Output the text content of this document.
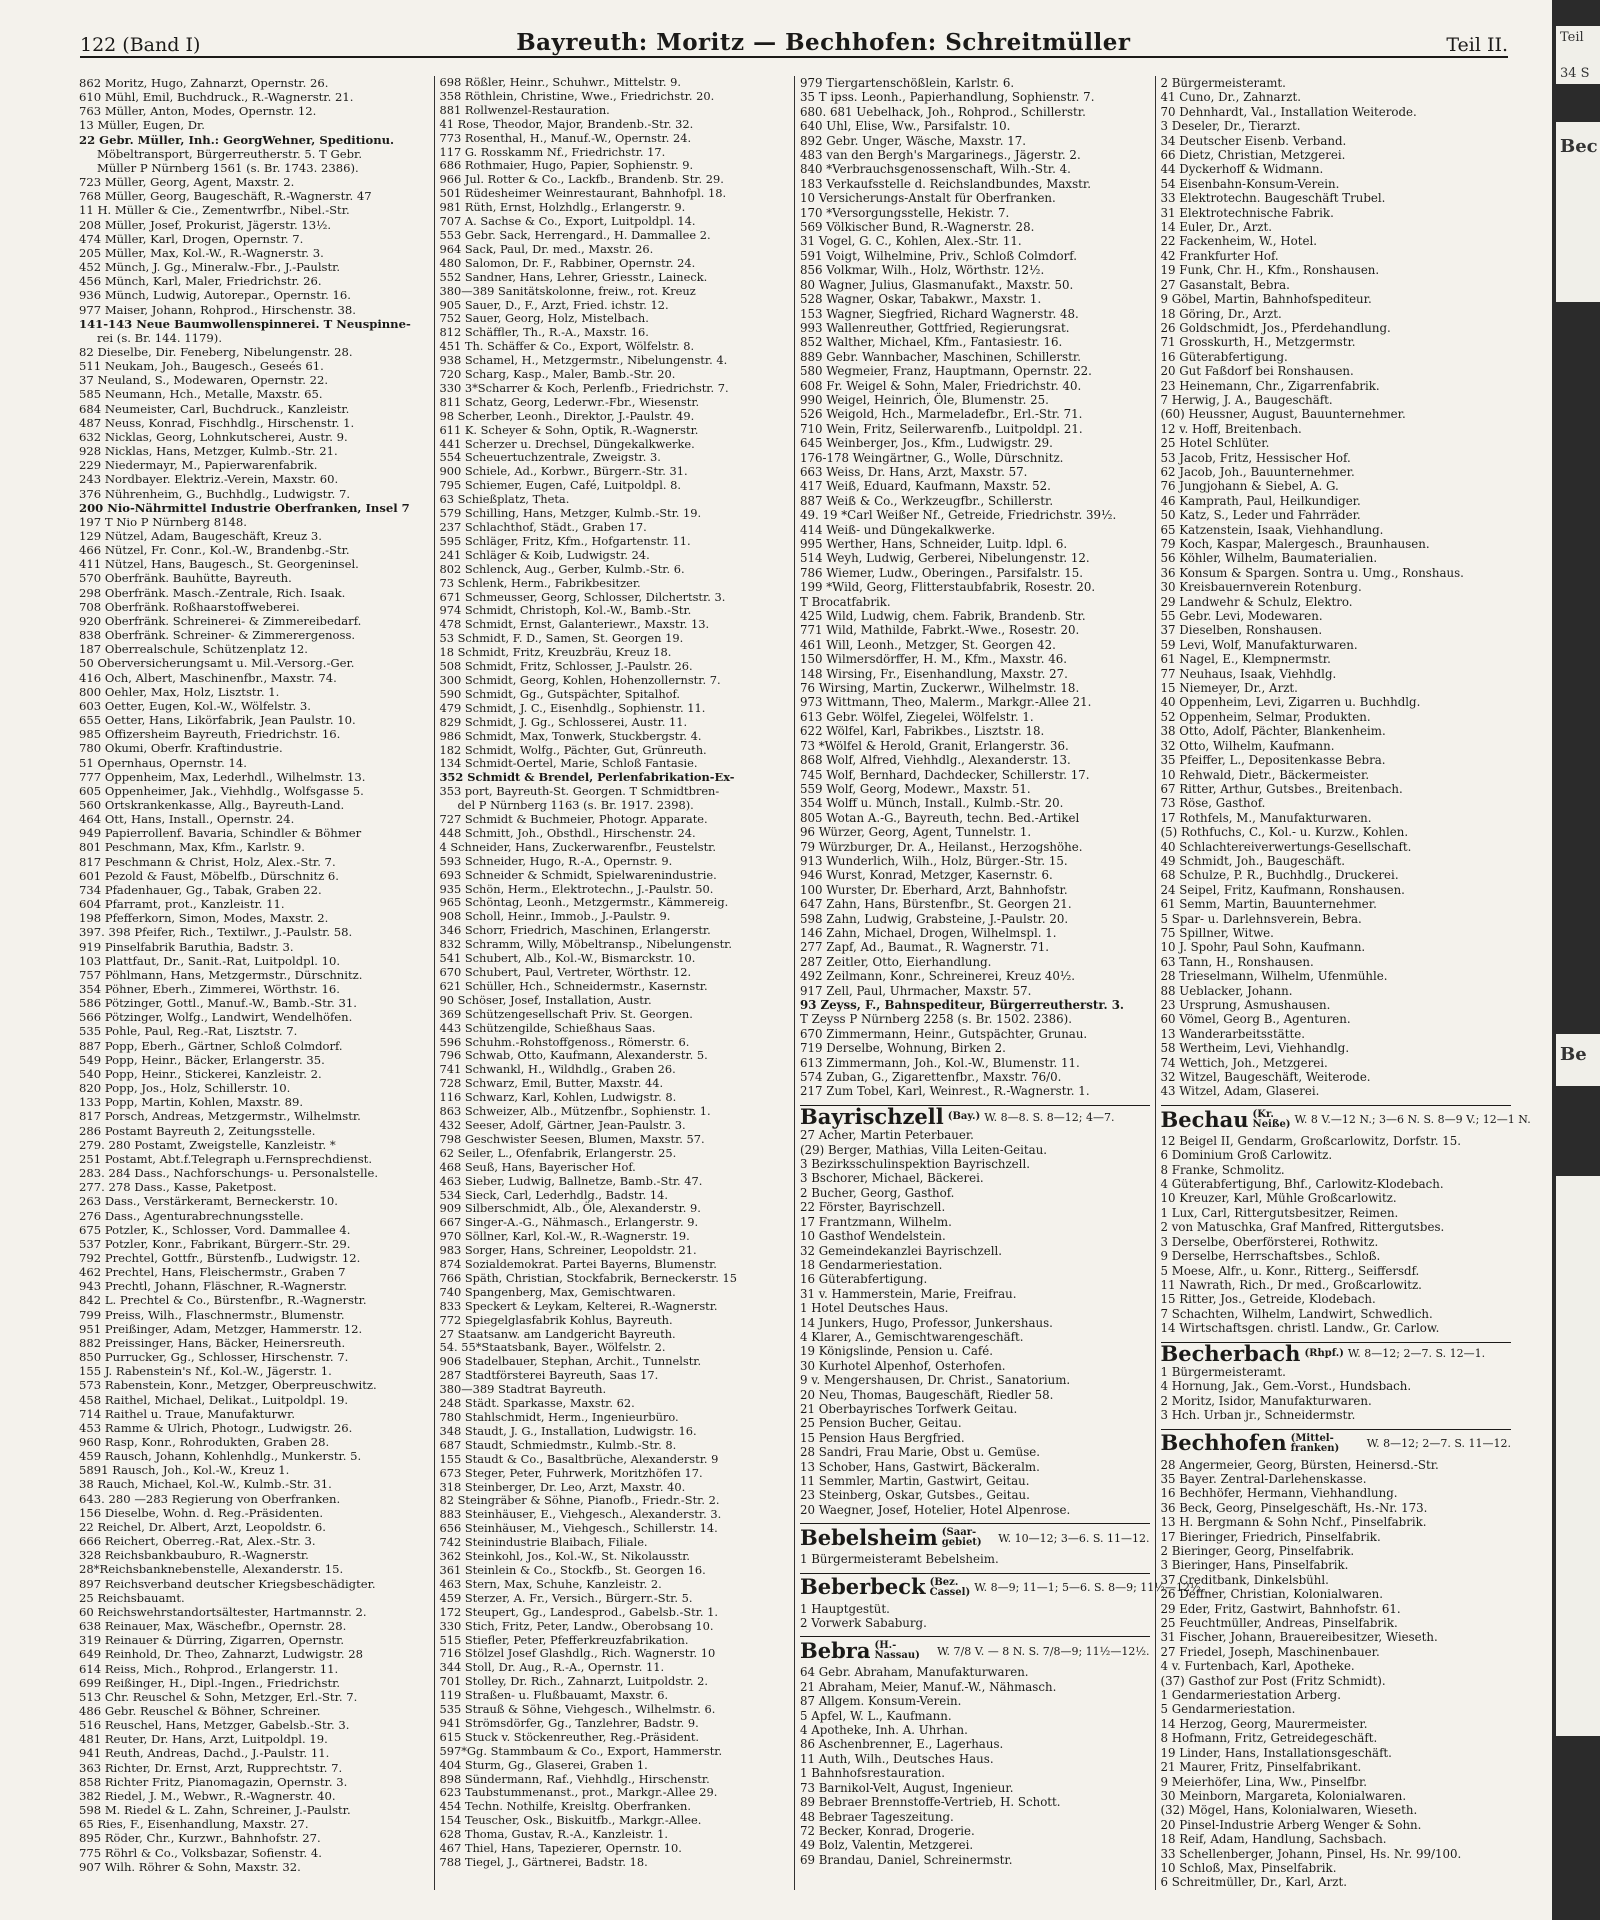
122 (Band I)	Bayreuth: Moritz — Bechhofen: Schreitmüller	Teil II.
862 Moritz, Hugo, Zahnarzt, Opernstr. 26.
610 Mühl, Emil, Buchdruck., R.-Wagnerstr. 21.
763 Müller, Anton, Modes, Opernstr. 12.
13 Müller, Eugen, Dr.
22 Gebr. Müller, Inh.: GeorgWehner, Speditionu.
Möbeltransport, Bürgerreutherstr. 5. T Gebr.
Müller P Nürnberg 1561 (s. Br. 1743. 2386).
723 Müller, Georg, Agent, Maxstr. 2.
768 Müller, Georg, Baugeschäft, R.-Wagnerstr. 47
11 H. Müller & Cie., Zementwrfbr., Nibel.-Str.
208 Müller, Josef, Prokurist, Jägerstr. 13½.
474 Müller, Karl, Drogen, Opernstr. 7.
205 Müller, Max, Kol.-W., R.-Wagnerstr. 3.
452 Münch, J. Gg., Mineralw.-Fbr., J.-Paulstr.
456 Münch, Karl, Maler, Friedrichstr. 26.
936 Münch, Ludwig, Autorepar., Opernstr. 16.
977 Maiser, Johann, Rohprod., Hirschenstr. 38.
141-143 Neue Baumwollenspinnerei. T Neuspinne-
rei (s. Br. 144. 1179).
82 Dieselbe, Dir. Feneberg, Nibelungenstr. 28.
511 Neukam, Joh., Baugesch., Geseés 61.
37 Neuland, S., Modewaren, Opernstr. 22.
585 Neumann, Hch., Metalle, Maxstr. 65.
684 Neumeister, Carl, Buchdruck., Kanzleistr.
487 Neuss, Konrad, Fischhdlg., Hirschenstr. 1.
632 Nicklas, Georg, Lohnkutscherei, Austr. 9.
928 Nicklas, Hans, Metzger, Kulmb.-Str. 21.
229 Niedermayr, M., Papierwarenfabrik.
243 Nordbayer. Elektriz.-Verein, Maxstr. 60.
376 Nührenheim, G., Buchhdlg., Ludwigstr. 7.
200 Nio-Nährmittel Industrie Oberfranken, Insel 7
197 T Nio P Nürnberg 8148.
129 Nützel, Adam, Baugeschäft, Kreuz 3.
466 Nützel, Fr. Conr., Kol.-W., Brandenbg.-Str.
411 Nützel, Hans, Baugesch., St. Georgeninsel.
570 Oberfränk. Bauhütte, Bayreuth.
298 Oberfränk. Masch.-Zentrale, Rich. Isaak.
708 Oberfränk. Roßhaarstoffweberei.
920 Oberfränk. Schreinerei- & Zimmereibedarf.
838 Oberfränk. Schreiner- & Zimmerergenoss.
187 Oberrealschule, Schützenplatz 12.
50 Oberversicherungsamt u. Mil.-Versorg.-Ger.
416 Och, Albert, Maschinenfbr., Maxstr. 74.
800 Oehler, Max, Holz, Lisztstr. 1.
603 Oetter, Eugen, Kol.-W., Wölfelstr. 3.
655 Oetter, Hans, Likörfabrik, Jean Paulstr. 10.
985 Offizersheim Bayreuth, Friedrichstr. 16.
780 Okumi, Oberfr. Kraftindustrie.
51 Opernhaus, Opernstr. 14.
777 Oppenheim, Max, Lederhdl., Wilhelmstr. 13.
605 Oppenheimer, Jak., Viehhdlg., Wolfsgasse 5.
560 Ortskrankenkasse, Allg., Bayreuth-Land.
464 Ott, Hans, Install., Opernstr. 24.
949 Papierrollenf. Bavaria, Schindler & Böhmer
801 Peschmann, Max, Kfm., Karlstr. 9.
817 Peschmann & Christ, Holz, Alex.-Str. 7.
601 Pezold & Faust, Möbelfb., Dürschnitz 6.
734 Pfadenhauer, Gg., Tabak, Graben 22.
604 Pfarramt, prot., Kanzleistr. 11.
198 Pfefferkorn, Simon, Modes, Maxstr. 2.
397. 398 Pfeifer, Rich., Textilwr., J.-Paulstr. 58.
919 Pinselfabrik Baruthia, Badstr. 3.
103 Plattfaut, Dr., Sanit.-Rat, Luitpoldpl. 10.
757 Pöhlmann, Hans, Metzgermstr., Dürschnitz.
354 Pöhner, Eberh., Zimmerei, Wörthstr. 16.
586 Pötzinger, Gottl., Manuf.-W., Bamb.-Str. 31.
566 Pötzinger, Wolfg., Landwirt, Wendelhöfen.
535 Pohle, Paul, Reg.-Rat, Lisztstr. 7.
887 Popp, Eberh., Gärtner, Schloß Colmdorf.
549 Popp, Heinr., Bäcker, Erlangerstr. 35.
540 Popp, Heinr., Stickerei, Kanzleistr. 2.
820 Popp, Jos., Holz, Schillerstr. 10.
133 Popp, Martin, Kohlen, Maxstr. 89.
817 Porsch, Andreas, Metzgermstr., Wilhelmstr.
286 Postamt Bayreuth 2, Zeitungsstelle.
279. 280 Postamt, Zweigstelle, Kanzleistr. *
251 Postamt, Abt.f.Telegraph u.Fernsprechdienst.
283. 284 Dass., Nachforschungs- u. Personalstelle.
277. 278 Dass., Kasse, Paketpost.
263 Dass., Verstärkeramt, Berneckerstr. 10.
276 Dass., Agenturabrechnungsstelle.
675 Potzler, K., Schlosser, Vord. Dammallee 4.
537 Potzler, Konr., Fabrikant, Bürgerr.-Str. 29.
792 Prechtel, Gottfr., Bürstenfb., Ludwigstr. 12.
462 Prechtel, Hans, Fleischermstr., Graben 7
943 Prechtl, Johann, Fläschner, R.-Wagnerstr.
842 L. Prechtel & Co., Bürstenfbr., R.-Wagnerstr.
799 Preiss, Wilh., Flaschnermstr., Blumenstr.
951 Preißinger, Adam, Metzger, Hammerstr. 12.
882 Preissinger, Hans, Bäcker, Heinersreuth.
850 Purrucker, Gg., Schlosser, Hirschenstr. 7.
155 J. Rabenstein's Nf., Kol.-W., Jägerstr. 1.
573 Rabenstein, Konr., Metzger, Oberpreuschwitz.
458 Raithel, Michael, Delikat., Luitpoldpl. 19.
714 Raithel u. Traue, Manufakturwr.
453 Ramme & Ulrich, Photogr., Ludwigstr. 26.
960 Rasp, Konr., Rohrodukten, Graben 28.
459 Rausch, Johann, Kohlenhdlg., Munkerstr. 5.
5891 Rausch, Joh., Kol.-W., Kreuz 1.
38 Rauch, Michael, Kol.-W., Kulmb.-Str. 31.
643. 280 —283 Regierung von Oberfranken.
156 Dieselbe, Wohn. d. Reg.-Präsidenten.
22 Reichel, Dr. Albert, Arzt, Leopoldstr. 6.
666 Reichert, Oberreg.-Rat, Alex.-Str. 3.
328 Reichsbankbauburo, R.-Wagnerstr.
28*Reichsbanknebenstelle, Alexanderstr. 15.
897 Reichsverband deutscher Kriegsbeschädigter.
25 Reichsbauamt.
60 Reichswehrstandortsältester, Hartmannstr. 2.
638 Reinauer, Max, Wäschefbr., Opernstr. 28.
319 Reinauer & Dürring, Zigarren, Opernstr.
649 Reinhold, Dr. Theo, Zahnarzt, Ludwigstr. 28
614 Reiss, Mich., Rohprod., Erlangerstr. 11.
699 Reißinger, H., Dipl.-Ingen., Friedrichstr.
513 Chr. Reuschel & Sohn, Metzger, Erl.-Str. 7.
486 Gebr. Reuschel & Böhner, Schreiner.
516 Reuschel, Hans, Metzger, Gabelsb.-Str. 3.
481 Reuter, Dr. Hans, Arzt, Luitpoldpl. 19.
941 Reuth, Andreas, Dachd., J.-Paulstr. 11.
363 Richter, Dr. Ernst, Arzt, Rupprechtstr. 7.
858 Richter Fritz, Pianomagazin, Opernstr. 3.
382 Riedel, J. M., Webwr., R.-Wagnerstr. 40.
598 M. Riedel & L. Zahn, Schreiner, J.-Paulstr.
65 Ries, F., Eisenhandlung, Maxstr. 27.
895 Röder, Chr., Kurzwr., Bahnhofstr. 27.
775 Röhrl & Co., Volksbazar, Sofienstr. 4.
907 Wilh. Röhrer & Sohn, Maxstr. 32.
698 Rößler, Heinr., Schuhwr., Mittelstr. 9.
358 Röthlein, Christine, Wwe., Friedrichstr. 20.
881 Rollwenzel-Restauration.
41 Rose, Theodor, Major, Brandenb.-Str. 32.
773 Rosenthal, H., Manuf.-W., Opernstr. 24.
117 G. Rosskamm Nf., Friedrichstr. 17.
686 Rothmaier, Hugo, Papier, Sophienstr. 9.
966 Jul. Rotter & Co., Lackfb., Brandenb. Str. 29.
501 Rüdesheimer Weinrestaurant, Bahnhofpl. 18.
981 Rüth, Ernst, Holzhdlg., Erlangerstr. 9.
707 A. Sachse & Co., Export, Luitpoldpl. 14.
553 Gebr. Sack, Herrengard., H. Dammallee 2.
964 Sack, Paul, Dr. med., Maxstr. 26.
480 Salomon, Dr. F., Rabbiner, Opernstr. 24.
552 Sandner, Hans, Lehrer, Griesstr., Laineck.
380—389 Sanitätskolonne, freiw., rot. Kreuz
905 Sauer, D., F., Arzt, Fried. ichstr. 12.
752 Sauer, Georg, Holz, Mistelbach.
812 Schäffler, Th., R.-A., Maxstr. 16.
451 Th. Schäffer & Co., Export, Wölfelstr. 8.
938 Schamel, H., Metzgermstr., Nibelungenstr. 4.
720 Scharg, Kasp., Maler, Bamb.-Str. 20.
330 3*Scharrer & Koch, Perlenfb., Friedrichstr. 7.
811 Schatz, Georg, Lederwr.-Fbr., Wiesenstr.
98 Scherber, Leonh., Direktor, J.-Paulstr. 49.
611 K. Scheyer & Sohn, Optik, R.-Wagnerstr.
441 Scherzer u. Drechsel, Düngekalkwerke.
554 Scheuertuchzentrale, Zweigstr. 3.
900 Schiele, Ad., Korbwr., Bürgerr.-Str. 31.
795 Schiemer, Eugen, Café, Luitpoldpl. 8.
63 Schießplatz, Theta.
579 Schilling, Hans, Metzger, Kulmb.-Str. 19.
237 Schlachthof, Städt., Graben 17.
595 Schläger, Fritz, Kfm., Hofgartenstr. 11.
241 Schläger & Koib, Ludwigstr. 24.
802 Schlenck, Aug., Gerber, Kulmb.-Str. 6.
73 Schlenk, Herm., Fabrikbesitzer.
671 Schmeusser, Georg, Schlosser, Dilchertstr. 3.
974 Schmidt, Christoph, Kol.-W., Bamb.-Str.
478 Schmidt, Ernst, Galanteriewr., Maxstr. 13.
53 Schmidt, F. D., Samen, St. Georgen 19.
18 Schmidt, Fritz, Kreuzbräu, Kreuz 18.
508 Schmidt, Fritz, Schlosser, J.-Paulstr. 26.
300 Schmidt, Georg, Kohlen, Hohenzollernstr. 7.
590 Schmidt, Gg., Gutspächter, Spitalhof.
479 Schmidt, J. C., Eisenhdlg., Sophienstr. 11.
829 Schmidt, J. Gg., Schlosserei, Austr. 11.
986 Schmidt, Max, Tonwerk, Stuckbergstr. 4.
182 Schmidt, Wolfg., Pächter, Gut, Grünreuth.
134 Schmidt-Oertel, Marie, Schloß Fantasie.
352 Schmidt & Brendel, Perlenfabrikation-Ex-
353 port, Bayreuth-St. Georgen. T Schmidtbren-
del P Nürnberg 1163 (s. Br. 1917. 2398).
727 Schmidt & Buchmeier, Photogr. Apparate.
448 Schmitt, Joh., Obsthdl., Hirschenstr. 24.
4 Schneider, Hans, Zuckerwarenfbr., Feustelstr.
593 Schneider, Hugo, R.-A., Opernstr. 9.
693 Schneider & Schmidt, Spielwarenindustrie.
935 Schön, Herm., Elektrotechn., J.-Paulstr. 50.
965 Schöntag, Leonh., Metzgermstr., Kämmereig.
908 Scholl, Heinr., Immob., J.-Paulstr. 9.
346 Schorr, Friedrich, Maschinen, Erlangerstr.
832 Schramm, Willy, Möbeltransp., Nibelungenstr.
541 Schubert, Alb., Kol.-W., Bismarckstr. 10.
670 Schubert, Paul, Vertreter, Wörthstr. 12.
621 Schüller, Hch., Schneidermstr., Kasernstr.
90 Schöser, Josef, Installation, Austr.
369 Schützengesellschaft Priv. St. Georgen.
443 Schützengilde, Schießhaus Saas.
596 Schuhm.-Rohstoffgenoss., Römerstr. 6.
796 Schwab, Otto, Kaufmann, Alexanderstr. 5.
741 Schwankl, H., Wildhdlg., Graben 26.
728 Schwarz, Emil, Butter, Maxstr. 44.
116 Schwarz, Karl, Kohlen, Ludwigstr. 8.
863 Schweizer, Alb., Mützenfbr., Sophienstr. 1.
432 Seeser, Adolf, Gärtner, Jean-Paulstr. 3.
798 Geschwister Seesen, Blumen, Maxstr. 57.
62 Seiler, L., Ofenfabrik, Erlangerstr. 25.
468 Seuß, Hans, Bayerischer Hof.
463 Sieber, Ludwig, Ballnetze, Bamb.-Str. 47.
534 Sieck, Carl, Lederhdlg., Badstr. 14.
909 Silberschmidt, Alb., Öle, Alexanderstr. 9.
667 Singer-A.-G., Nähmasch., Erlangerstr. 9.
970 Söllner, Karl, Kol.-W., R.-Wagnerstr. 19.
983 Sorger, Hans, Schreiner, Leopoldstr. 21.
874 Sozialdemokrat. Partei Bayerns, Blumenstr.
766 Späth, Christian, Stockfabrik, Berneckerstr. 15
740 Spangenberg, Max, Gemischtwaren.
833 Speckert & Leykam, Kelterei, R.-Wagnerstr.
772 Spiegelglasfabrik Kohlus, Bayreuth.
27 Staatsanw. am Landgericht Bayreuth.
54. 55*Staatsbank, Bayer., Wölfelstr. 2.
906 Stadelbauer, Stephan, Archit., Tunnelstr.
287 Stadtförsterei Bayreuth, Saas 17.
380—389 Stadtrat Bayreuth.
248 Städt. Sparkasse, Maxstr. 62.
780 Stahlschmidt, Herm., Ingenieurbüro.
348 Staudt, J. G., Installation, Ludwigstr. 16.
687 Staudt, Schmiedmstr., Kulmb.-Str. 8.
155 Staudt & Co., Basaltbrüche, Alexanderstr. 9
673 Steger, Peter, Fuhrwerk, Moritzhöfen 17.
318 Steinberger, Dr. Leo, Arzt, Maxstr. 40.
82 Steingräber & Söhne, Pianofb., Friedr.-Str. 2.
883 Steinhäuser, E., Viehgesch., Alexanderstr. 3.
656 Steinhäuser, M., Viehgesch., Schillerstr. 14.
742 Steinindustrie Blaibach, Filiale.
362 Steinkohl, Jos., Kol.-W., St. Nikolausstr.
361 Steinlein & Co., Stockfb., St. Georgen 16.
463 Stern, Max, Schuhe, Kanzleistr. 2.
459 Sterzer, A. Fr., Versich., Bürgerr.-Str. 5.
172 Steupert, Gg., Landesprod., Gabelsb.-Str. 1.
330 Stich, Fritz, Peter, Landw., Oberobsang 10.
515 Stiefler, Peter, Pfefferkreuzfabrikation.
716 Stölzel Josef Glashdlg., Rich. Wagnerstr. 10
344 Stoll, Dr. Aug., R.-A., Opernstr. 11.
701 Stolley, Dr. Rich., Zahnarzt, Luitpoldstr. 2.
119 Straßen- u. Flußbauamt, Maxstr. 6.
535 Strauß & Söhne, Viehgesch., Wilhelmstr. 6.
941 Strömsdörfer, Gg., Tanzlehrer, Badstr. 9.
615 Stuck v. Stöckenreuther, Reg.-Präsident.
597*Gg. Stammbaum & Co., Export, Hammerstr.
404 Sturm, Gg., Glaserei, Graben 1.
898 Sündermann, Raf., Viehhdlg., Hirschenstr.
623 Taubstummenanst., prot., Markgr.-Allee 29.
454 Techn. Nothilfe, Kreisltg. Oberfranken.
154 Teuscher, Osk., Biskuitfb., Markgr.-Allee.
628 Thoma, Gustav, R.-A., Kanzleistr. 1.
467 Thiel, Hans, Tapezierer, Opernstr. 10.
788 Tiegel, J., Gärtnerei, Badstr. 18.
979 Tiergartenschößlein, Karlstr. 6.
35 T ipss. Leonh., Papierhandlung, Sophienstr. 7.
680. 681 Uebelhack, Joh., Rohprod., Schillerstr.
640 Uhl, Elise, Ww., Parsifalstr. 10.
892 Gebr. Unger, Wäsche, Maxstr. 17.
483 van den Bergh's Margarinegs., Jägerstr. 2.
840 *Verbrauchsgenossenschaft, Wilh.-Str. 4.
183 Verkaufsstelle d. Reichslandbundes, Maxstr.
10 Versicherungs-Anstalt für Oberfranken.
170 *Versorgungsstelle, Hekistr. 7.
569 Völkischer Bund, R.-Wagnerstr. 28.
31 Vogel, G. C., Kohlen, Alex.-Str. 11.
591 Voigt, Wilhelmine, Priv., Schloß Colmdorf.
856 Volkmar, Wilh., Holz, Wörthstr. 12½.
80 Wagner, Julius, Glasmanufakt., Maxstr. 50.
528 Wagner, Oskar, Tabakwr., Maxstr. 1.
153 Wagner, Siegfried, Richard Wagnerstr. 48.
993 Wallenreuther, Gottfried, Regierungsrat.
852 Walther, Michael, Kfm., Fantasiestr. 16.
889 Gebr. Wannbacher, Maschinen, Schillerstr.
580 Wegmeier, Franz, Hauptmann, Opernstr. 22.
608 Fr. Weigel & Sohn, Maler, Friedrichstr. 40.
990 Weigel, Heinrich, Öle, Blumenstr. 25.
526 Weigold, Hch., Marmeladefbr., Erl.-Str. 71.
710 Wein, Fritz, Seilerwarenfb., Luitpoldpl. 21.
645 Weinberger, Jos., Kfm., Ludwigstr. 29.
176-178 Weingärtner, G., Wolle, Dürschnitz.
663 Weiss, Dr. Hans, Arzt, Maxstr. 57.
417 Weiß, Eduard, Kaufmann, Maxstr. 52.
887 Weiß & Co., Werkzeugfbr., Schillerstr.
49. 19 *Carl Weißer Nf., Getreide, Friedrichstr. 39½.
414 Weiß- und Düngekalkwerke.
995 Werther, Hans, Schneider, Luitp. ldpl. 6.
514 Weyh, Ludwig, Gerberei, Nibelungenstr. 12.
786 Wiemer, Ludw., Oberingen., Parsifalstr. 15.
199 *Wild, Georg, Flitterstaubfabrik, Rosestr. 20.
T Brocatfabrik.
425 Wild, Ludwig, chem. Fabrik, Brandenb. Str.
771 Wild, Mathilde, Fabrkt.-Wwe., Rosestr. 20.
461 Will, Leonh., Metzger, St. Georgen 42.
150 Wilmersdörffer, H. M., Kfm., Maxstr. 46.
148 Wirsing, Fr., Eisenhandlung, Maxstr. 27.
76 Wirsing, Martin, Zuckerwr., Wilhelmstr. 18.
973 Wittmann, Theo, Malerm., Markgr.-Allee 21.
613 Gebr. Wölfel, Ziegelei, Wölfelstr. 1.
622 Wölfel, Karl, Fabrikbes., Lisztstr. 18.
73 *Wölfel & Herold, Granit, Erlangerstr. 36.
868 Wolf, Alfred, Viehhdlg., Alexanderstr. 13.
745 Wolf, Bernhard, Dachdecker, Schillerstr. 17.
559 Wolf, Georg, Modewr., Maxstr. 51.
354 Wolff u. Münch, Install., Kulmb.-Str. 20.
805 Wotan A.-G., Bayreuth, techn. Bed.-Artikel
96 Würzer, Georg, Agent, Tunnelstr. 1.
79 Würzburger, Dr. A., Heilanst., Herzogshöhe.
913 Wunderlich, Wilh., Holz, Bürger.-Str. 15.
946 Wurst, Konrad, Metzger, Kasernstr. 6.
100 Wurster, Dr. Eberhard, Arzt, Bahnhofstr.
647 Zahn, Hans, Bürstenfbr., St. Georgen 21.
598 Zahn, Ludwig, Grabsteine, J.-Paulstr. 20.
146 Zahn, Michael, Drogen, Wilhelmspl. 1.
277 Zapf, Ad., Baumat., R. Wagnerstr. 71.
287 Zeitler, Otto, Eierhandlung.
492 Zeilmann, Konr., Schreinerei, Kreuz 40½.
917 Zell, Paul, Uhrmacher, Maxstr. 57.
93 Zeyss, F., Bahnspediteur, Bürgerreutherstr. 3.
T Zeyss P Nürnberg 2258 (s. Br. 1502. 2386).
670 Zimmermann, Heinr., Gutspächter, Grunau.
719 Derselbe, Wohnung, Birken 2.
613 Zimmermann, Joh., Kol.-W., Blumenstr. 11.
574 Zuban, G., Zigarettenfbr., Maxstr. 76/0.
217 Zum Tobel, Karl, Weinrest., R.-Wagnerstr. 1.
Bayrischzell (Bay.) W. 8—8. S. 8—12; 4—7.
27 Acher, Martin Peterbauer.
(29) Berger, Mathias, Villa Leiten-Geitau.
3 Bezirksschulinspektion Bayrischzell.
3 Bschorer, Michael, Bäckerei.
2 Bucher, Georg, Gasthof.
22 Förster, Bayrischzell.
17 Frantzmann, Wilhelm.
10 Gasthof Wendelstein.
32 Gemeindekanzlei Bayrischzell.
18 Gendarmeriestation.
16 Güterabfertigung.
31 v. Hammerstein, Marie, Freifrau.
1 Hotel Deutsches Haus.
14 Junkers, Hugo, Professor, Junkershaus.
4 Klarer, A., Gemischtwarengeschäft.
19 Königslinde, Pension u. Café.
30 Kurhotel Alpenhof, Osterhofen.
9 v. Mengershausen, Dr. Christ., Sanatorium.
20 Neu, Thomas, Baugeschäft, Riedler 58.
21 Oberbayrisches Torfwerk Geitau.
25 Pension Bucher, Geitau.
15 Pension Haus Bergfried.
28 Sandri, Frau Marie, Obst u. Gemüse.
13 Schober, Hans, Gastwirt, Bäckeralm.
11 Semmler, Martin, Gastwirt, Geitau.
23 Steinberg, Oskar, Gutsbes., Geitau.
20 Waegner, Josef, Hotelier, Hotel Alpenrose.
Bebelsheim (Saar-gebiet)	W. 10—12; 3—6. S. 11—12.
1 Bürgermeisteramt Bebelsheim.
Beberbeck (Bez. Cassel) W. 8—9; 11—1; 5—6. S. 8—9; 11½—12½.
1 Hauptgestüt.
2 Vorwerk Sababurg.
Bebra (H.-Nassau)	W. 7/8 V. — 8 N. S. 7/8—9; 11½—12½.
64 Gebr. Abraham, Manufakturwaren.
21 Abraham, Meier, Manuf.-W., Nähmasch.
87 Allgem. Konsum-Verein.
5 Apfel, W. L., Kaufmann.
4 Apotheke, Inh. A. Uhrhan.
86 Aschenbrenner, E., Lagerhaus.
11 Auth, Wilh., Deutsches Haus.
1 Bahnhofsrestauration.
73 Barnikol-Velt, August, Ingenieur.
89 Bebraer Brennstoffe-Vertrieb, H. Schott.
48 Bebraer Tageszeitung.
72 Becker, Konrad, Drogerie.
49 Bolz, Valentin, Metzgerei.
69 Brandau, Daniel, Schreinermstr.
2 Bürgermeisteramt.
41 Cuno, Dr., Zahnarzt.
70 Dehnhardt, Val., Installation Weiterode.
3 Deseler, Dr., Tierarzt.
34 Deutscher Eisenb. Verband.
66 Dietz, Christian, Metzgerei.
44 Dyckerhoff & Widmann.
54 Eisenbahn-Konsum-Verein.
33 Elektrotechn. Baugeschäft Trubel.
31 Elektrotechnische Fabrik.
14 Euler, Dr., Arzt.
22 Fackenheim, W., Hotel.
42 Frankfurter Hof.
19 Funk, Chr. H., Kfm., Ronshausen.
27 Gasanstalt, Bebra.
9 Göbel, Martin, Bahnhofspediteur.
18 Göring, Dr., Arzt.
26 Goldschmidt, Jos., Pferdehandlung.
71 Grosskurth, H., Metzgermstr.
16 Güterabfertigung.
20 Gut Faßdorf bei Ronshausen.
23 Heinemann, Chr., Zigarrenfabrik.
7 Herwig, J. A., Baugeschäft.
(60) Heussner, August, Bauunternehmer.
12 v. Hoff, Breitenbach.
25 Hotel Schlüter.
53 Jacob, Fritz, Hessischer Hof.
62 Jacob, Joh., Bauunternehmer.
76 Jungjohann & Siebel, A. G.
46 Kamprath, Paul, Heilkundiger.
50 Katz, S., Leder und Fahrräder.
65 Katzenstein, Isaak, Viehhandlung.
79 Koch, Kaspar, Malergesch., Braunhausen.
56 Köhler, Wilhelm, Baumaterialien.
36 Konsum & Spargen. Sontra u. Umg., Ronshaus.
30 Kreisbauernverein Rotenburg.
29 Landwehr & Schulz, Elektro.
55 Gebr. Levi, Modewaren.
37 Dieselben, Ronshausen.
59 Levi, Wolf, Manufakturwaren.
61 Nagel, E., Klempnermstr.
77 Neuhaus, Isaak, Viehhdlg.
15 Niemeyer, Dr., Arzt.
40 Oppenheim, Levi, Zigarren u. Buchhdlg.
52 Oppenheim, Selmar, Produkten.
38 Otto, Adolf, Pächter, Blankenheim.
32 Otto, Wilhelm, Kaufmann.
35 Pfeiffer, L., Depositenkasse Bebra.
10 Rehwald, Dietr., Bäckermeister.
67 Ritter, Arthur, Gutsbes., Breitenbach.
73 Röse, Gasthof.
17 Rothfels, M., Manufakturwaren.
(5) Rothfuchs, C., Kol.- u. Kurzw., Kohlen.
40 Schlachtereiverwertungs-Gesellschaft.
49 Schmidt, Joh., Baugeschäft.
68 Schulze, P. R., Buchhdlg., Druckerei.
24 Seipel, Fritz, Kaufmann, Ronshausen.
61 Semm, Martin, Bauunternehmer.
5 Spar- u. Darlehnsverein, Bebra.
75 Spillner, Witwe.
10 J. Spohr, Paul Sohn, Kaufmann.
63 Tann, H., Ronshausen.
28 Trieselmann, Wilhelm, Ufenmühle.
88 Ueblacker, Johann.
23 Ursprung, Asmushausen.
60 Vömel, Georg B., Agenturen.
13 Wanderarbeitsstätte.
58 Wertheim, Levi, Viehhandlg.
74 Wettich, Joh., Metzgerei.
32 Witzel, Baugeschäft, Weiterode.
43 Witzel, Adam, Glaserei.
Bechau (Kr. Neiße) W. 8 V.—12 N.; 3—6 N. S. 8—9 V.; 12—1 N.
12 Beigel II, Gendarm, Großcarlowitz, Dorfstr. 15.
6 Dominium Groß Carlowitz.
8 Franke, Schmolitz.
4 Güterabfertigung, Bhf., Carlowitz-Klodebach.
10 Kreuzer, Karl, Mühle Großcarlowitz.
1 Lux, Carl, Rittergutsbesitzer, Reimen.
2 von Matuschka, Graf Manfred, Rittergutsbes.
3 Derselbe, Oberförsterei, Rothwitz.
9 Derselbe, Herrschaftsbes., Schloß.
5 Moese, Alfr., u. Konr., Ritterg., Seiffersdf.
11 Nawrath, Rich., Dr med., Großcarlowitz.
15 Ritter, Jos., Getreide, Klodebach.
7 Schachten, Wilhelm, Landwirt, Schwedlich.
14 Wirtschaftsgen. christl. Landw., Gr. Carlow.
Becherbach (Rhpf.) W. 8—12; 2—7. S. 12—1.
1 Bürgermeisteramt.
4 Hornung, Jak., Gem.-Vorst., Hundsbach.
2 Moritz, Isidor, Manufakturwaren.
3 Hch. Urban jr., Schneidermstr.
Bechhofen (Mittel-franken)	W. 8—12; 2—7. S. 11—12.
28 Angermeier, Georg, Bürsten, Heinersd.-Str.
35 Bayer. Zentral-Darlehenskasse.
16 Bechhöfer, Hermann, Viehhandlung.
36 Beck, Georg, Pinselgeschäft, Hs.-Nr. 173.
13 H. Bergmann & Sohn Nchf., Pinselfabrik.
17 Bieringer, Friedrich, Pinselfabrik.
2 Bieringer, Georg, Pinselfabrik.
3 Bieringer, Hans, Pinselfabrik.
37 Creditbank, Dinkelsbühl.
26 Deffner, Christian, Kolonialwaren.
29 Eder, Fritz, Gastwirt, Bahnhofstr. 61.
25 Feuchtmüller, Andreas, Pinselfabrik.
31 Fischer, Johann, Brauereibesitzer, Wieseth.
27 Friedel, Joseph, Maschinenbauer.
4 v. Furtenbach, Karl, Apotheke.
(37) Gasthof zur Post (Fritz Schmidt).
1 Gendarmeriestation Arberg.
5 Gendarmeriestation.
14 Herzog, Georg, Maurermeister.
8 Hofmann, Fritz, Getreidegeschäft.
19 Linder, Hans, Installationsgeschäft.
21 Maurer, Fritz, Pinselfabrikant.
9 Meierhöfer, Lina, Ww., Pinselfbr.
30 Meinborn, Margareta, Kolonialwaren.
(32) Mögel, Hans, Kolonialwaren, Wieseth.
20 Pinsel-Industrie Arberg Wenger & Sohn.
18 Reif, Adam, Handlung, Sachsbach.
33 Schellenberger, Johann, Pinsel, Hs. Nr. 99/100.
10 Schloß, Max, Pinselfabrik.
6 Schreitmüller, Dr., Karl, Arzt.
Teil
34 S
Bec
Be
